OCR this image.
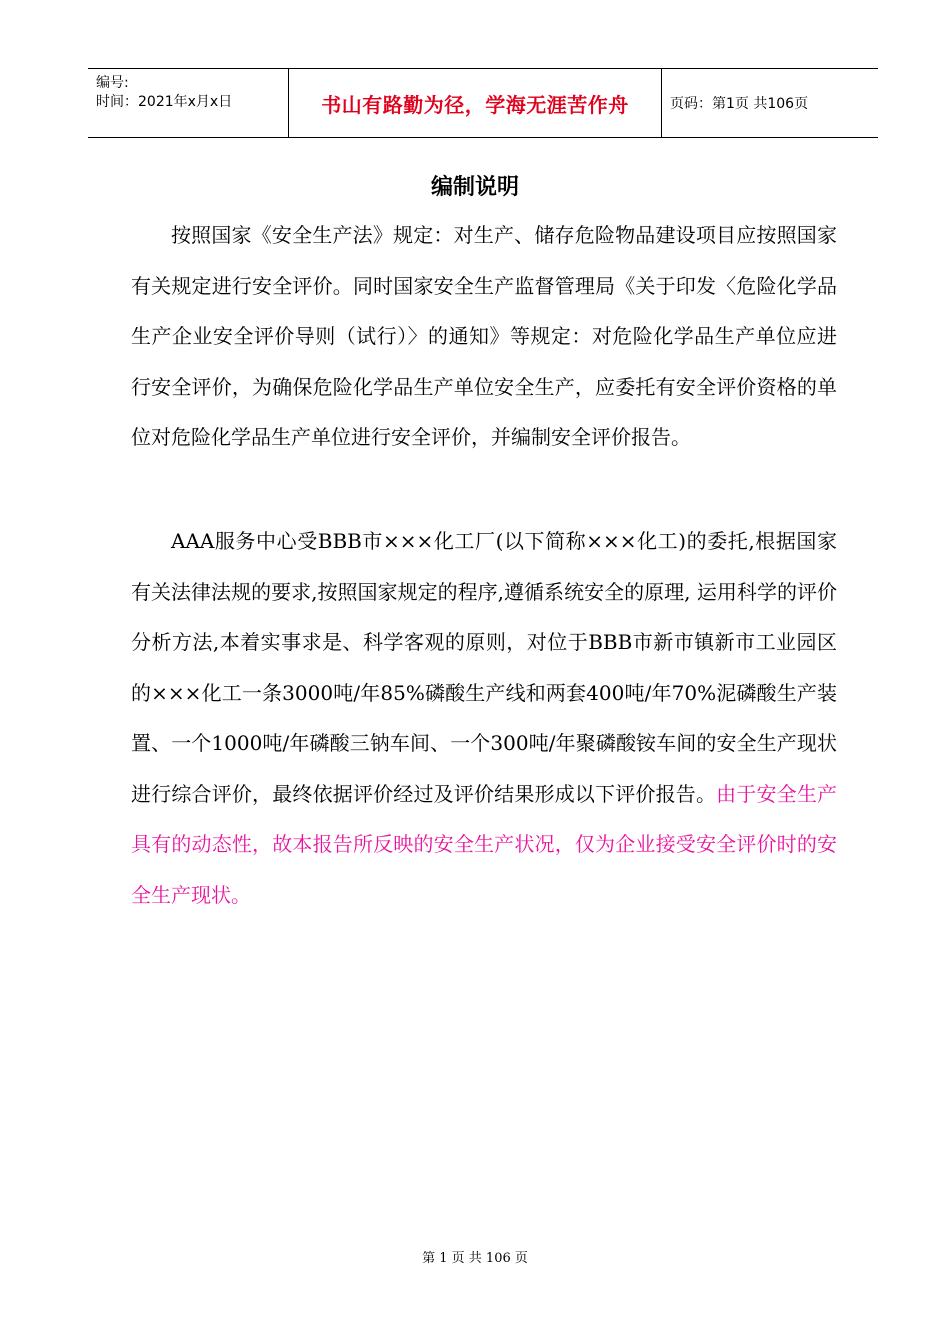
编号:
时间：2021年x月x日	书山有路勤为径，学海无涯苦作舟	页码：第1页 共106页
编制说明

按照国家《安全生产法》规定：对生产、储存危险物品建设项目应按照国家有关规定进行安全评价。同时国家安全生产监督管理局《关于印发〈危险化学品生产企业安全评价导则（试行）〉的通知》等规定：对危险化学品生产单位应进行安全评价，为确保危险化学品生产单位安全生产，应委托有安全评价资格的单位对危险化学品生产单位进行安全评价，并编制安全评价报告。

AAA服务中心受BBB市×××化工厂(以下简称×××化工)的委托,根据国家有关法律法规的要求,按照国家规定的程序,遵循系统安全的原理, 运用科学的评价分析方法,本着实事求是、科学客观的原则，对位于BBB市新市镇新市工业园区的×××化工一条3000吨/年85%磷酸生产线和两套400吨/年70%泥磷酸生产装置、一个1000吨/年磷酸三钠车间、一个300吨/年聚磷酸铵车间的安全生产现状进行综合评价，最终依据评价经过及评价结果形成以下评价报告。由于安全生产具有的动态性，故本报告所反映的安全生产状况，仅为企业接受安全评价时的安全生产现状。

第 1 页 共 106 页
